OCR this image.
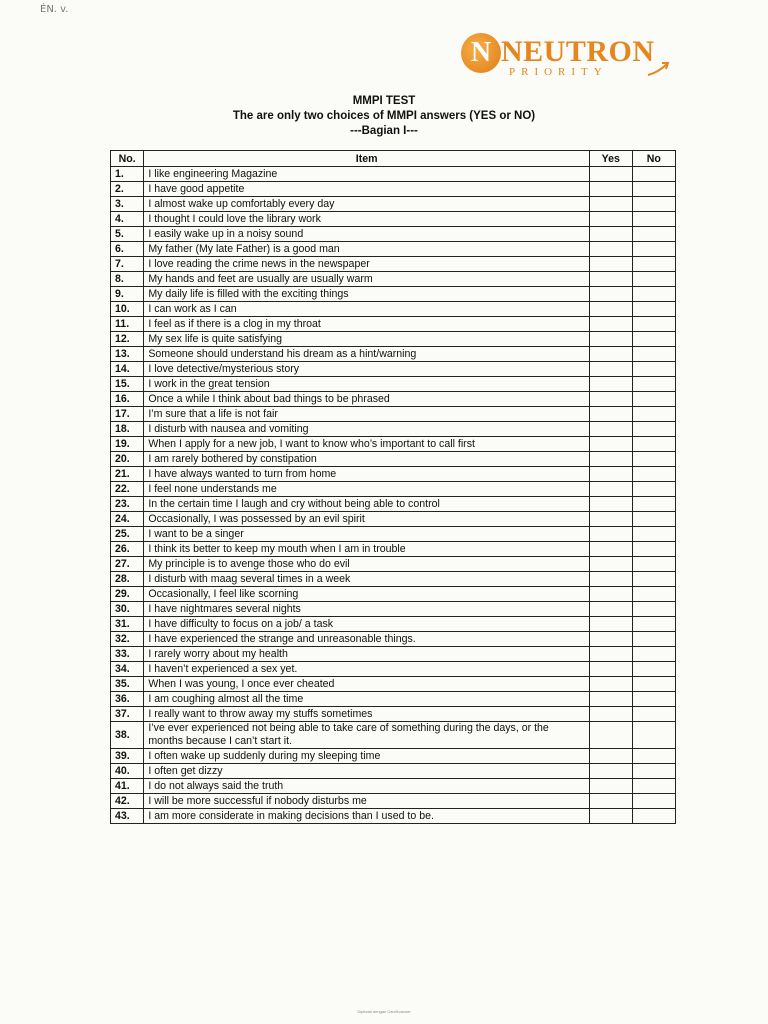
ÉN. v.
N NEUTRON
PRIORITY
MMPI TEST
The are only two choices of MMPI answers (YES or NO)
---Bagian I---
No.	Item	Yes	No
1.	I like engineering Magazine		
2.	I have good appetite		
3.	I almost wake up comfortably every day		
4.	I thought I could love the library work		
5.	I easily wake up in a noisy sound		
6.	My father (My late Father) is a good man		
7.	I love reading the crime news in the newspaper		
8.	My hands and feet are usually are usually warm		
9.	My daily life is filled with the exciting things		
10.	I can work as I can		
11.	I feel as if there is a clog in my throat		
12.	My sex life is quite satisfying		
13.	Someone should understand his dream as a hint/warning		
14.	I love detective/mysterious story		
15.	I work in the great tension		
16.	Once a while I think about bad things to be phrased		
17.	I’m sure that a life is not fair		
18.	I disturb with nausea and vomiting		
19.	When I apply for a new job, I want to know who’s important to call first		
20.	I am rarely bothered by constipation		
21.	I have always wanted to turn from home		
22.	I feel none understands me		
23.	In the certain time I laugh and cry without being able to control		
24.	Occasionally, I was possessed by an evil spirit		
25.	I want to be a singer		
26.	I think its better to keep my mouth when I am in trouble		
27.	My principle is to avenge those who do evil		
28.	I disturb with maag several times in a week		
29.	Occasionally, I feel like scorning		
30.	I have nightmares several nights		
31.	I have difficulty to focus on a job/ a task		
32.	I have experienced the strange and unreasonable things.		
33.	I rarely worry about my health		
34.	I haven’t experienced a sex yet.		
35.	When I was young, I once ever cheated		
36.	I am coughing almost all the time		
37.	I really want to throw away my stuffs sometimes		
38.	I’ve ever experienced not being able to take care of something during the days, or the months because I can’t start it.		
39.	I often wake up suddenly during my sleeping time		
40.	I often get dizzy		
41.	I do not always said the truth		
42.	I will be more successful if nobody disturbs me		
43.	I am more considerate in making decisions than I used to be.		
Dipindai dengan CamScanner
